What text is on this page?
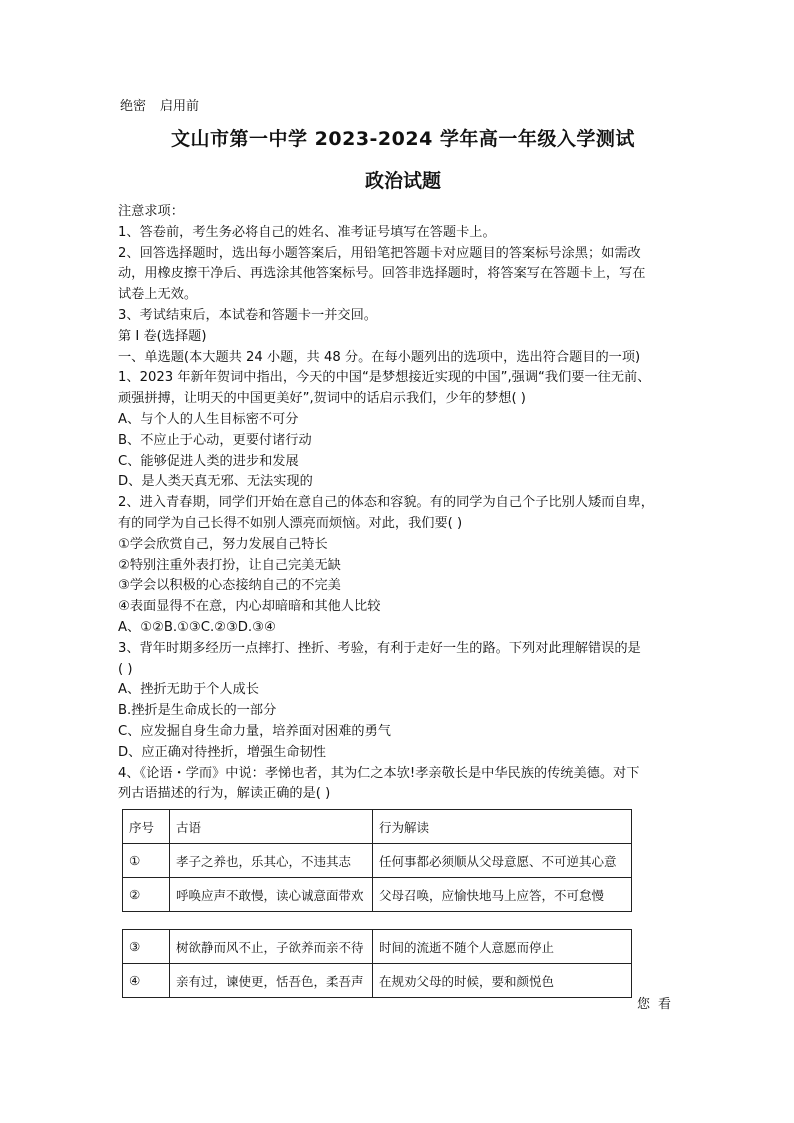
绝密 启用前
文山市第一中学 2023-2024 学年高一年级入学测试
政治试题
注意求项：
1、答卷前，考生务必将自己的姓名、准考证号填写在答题卡上。
2、回答选择题时，选出每小题答案后，用铅笔把答题卡对应题目的答案标号涂黑；如需改
动，用橡皮擦干净后、再选涂其他答案标号。回答非选择题时，将答案写在答题卡上，写在
试卷上无效。
3、考试结束后，本试卷和答题卡一并交回。
第 I 卷(选择题)
一、单选题(本大题共 24 小题，共 48 分。在每小题列出的选项中，选出符合题目的一项)
1、2023 年新年贺词中指出，今天的中国“是梦想接近实现的中国”,强调“我们要一往无前、
顽强拼搏，让明天的中国更美好”,贺词中的话启示我们，少年的梦想( )
A、与个人的人生目标密不可分
B、不应止于心动，更要付诸行动
C、能够促进人类的进步和发展
D、是人类天真无邪、无法实现的
2、进入青春期，同学们开始在意自己的体态和容貌。有的同学为自己个子比别人矮而自卑，
有的同学为自己长得不如别人漂亮而烦恼。对此，我们要( )
①学会欣赏自己，努力发展自己特长
②特别注重外表打扮，让自己完美无缺
③学会以积极的心态接纳自己的不完美
④表面显得不在意，内心却暗暗和其他人比较
A、①②B.①③C.②③D.③④
3、背年时期多经历一点摔打、挫折、考验，有利于走好一生的路。下列对此理解错误的是
( )
A、挫折无助于个人成长
B.挫折是生命成长的一部分
C、应发掘自身生命力量，培养面对困难的勇气
D、应正确对待挫折，增强生命韧性
4、《论语・学而》中说：孝悌也者，其为仁之本欤!孝亲敬长是中华民族的传统美德。对下
列古语描述的行为，解读正确的是( )
序号	古语	行为解读
①	孝子之养也，乐其心，不违其志	任何事都必须顺从父母意愿、不可逆其心意
②	呼唤应声不敢慢，读心诚意面带欢	父母召唤，应愉快地马上应答，不可怠慢
③	树欲静而风不止，子欲养而亲不待	时间的流逝不随个人意愿而停止
④	亲有过，谏使更，恬吾色，柔吾声	在规劝父母的时候，要和颜悦色
您看
